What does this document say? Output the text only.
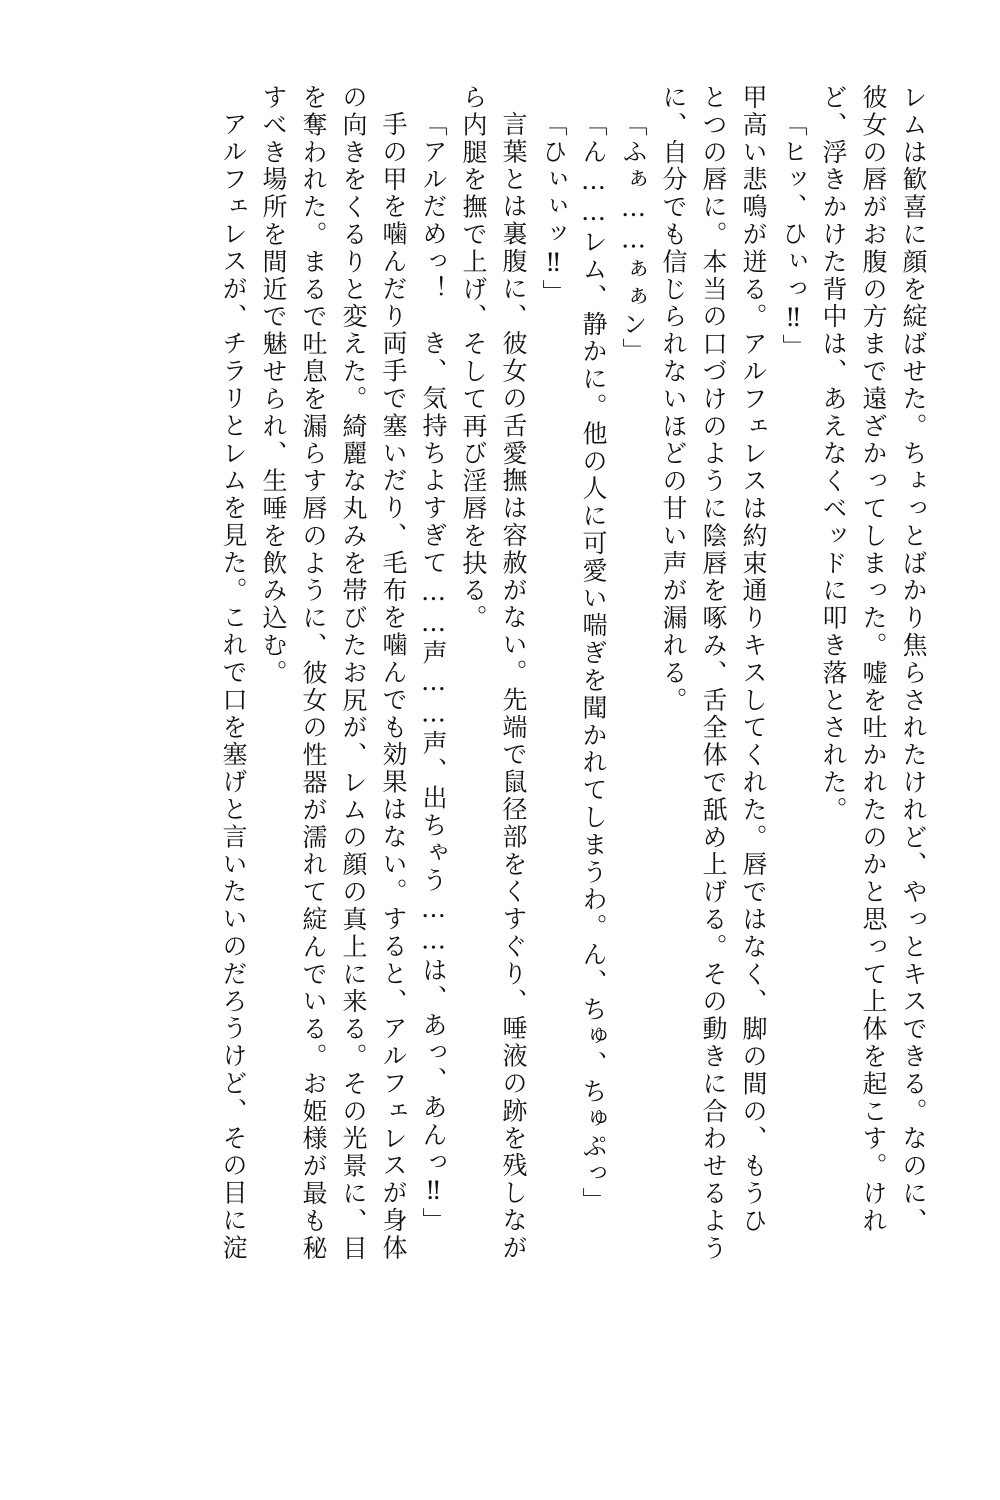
レムは歓喜に顔を綻ばせた。ちょっとばかり焦らされたけれど、やっとキスできる。なのに、
彼女の唇がお腹の方まで遠ざかってしまった。嘘を吐かれたのかと思って上体を起こす。けれ
ど、浮きかけた背中は、あえなくベッドに叩き落とされた。
「ヒッ、ひぃっ‼」
甲高い悲鳴が迸る。アルフェレスは約束通りキスしてくれた。唇ではなく、脚の間の、もうひ
とつの唇に。本当の口づけのように陰唇を啄み、舌全体で舐め上げる。その動きに合わせるよう
に、自分でも信じられないほどの甘い声が漏れる。
「ふぁ……ぁぁン」
「ん……レム、静かに。他の人に可愛い喘ぎを聞かれてしまうわ。ん、ちゅ、ちゅぷっ」
「ひぃぃッ‼」
言葉とは裏腹に、彼女の舌愛撫は容赦がない。先端で鼠径部をくすぐり、唾液の跡を残しなが
ら内腿を撫で上げ、そして再び淫唇を抉る。
「アルだめっ！　き、気持ちよすぎて……声……声、出ちゃう……は、あっ、あんっ‼」
手の甲を噛んだり両手で塞いだり、毛布を噛んでも効果はない。すると、アルフェレスが身体
の向きをくるりと変えた。綺麗な丸みを帯びたお尻が、レムの顔の真上に来る。その光景に、目
を奪われた。まるで吐息を漏らす唇のように、彼女の性器が濡れて綻んでいる。お姫様が最も秘
すべき場所を間近で魅せられ、生唾を飲み込む。
アルフェレスが、チラリとレムを見た。これで口を塞げと言いたいのだろうけど、その目に淀
